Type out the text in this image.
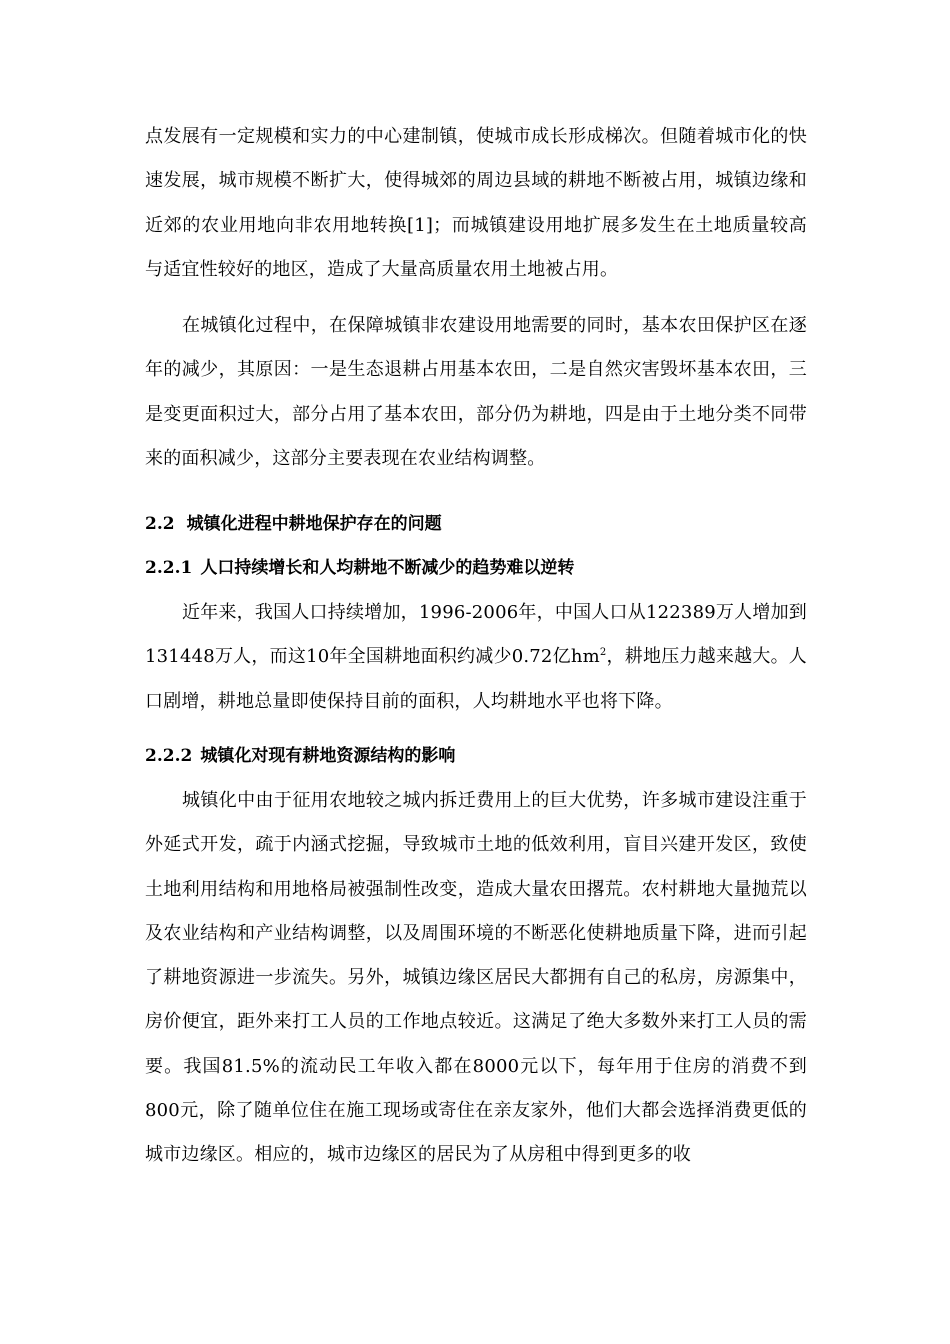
点发展有一定规模和实力的中心建制镇，使城市成长形成梯次。但随着城市化的快速发展，城市规模不断扩大，使得城郊的周边县域的耕地不断被占用，城镇边缘和近郊的农业用地向非农用地转换[1]；而城镇建设用地扩展多发生在土地质量较高与适宜性较好的地区，造成了大量高质量农用土地被占用。

在城镇化过程中，在保障城镇非农建设用地需要的同时，基本农田保护区在逐年的减少，其原因：一是生态退耕占用基本农田，二是自然灾害毁坏基本农田，三是变更面积过大，部分占用了基本农田，部分仍为耕地，四是由于土地分类不同带来的面积减少，这部分主要表现在农业结构调整。

2.2 城镇化进程中耕地保护存在的问题
2.2.1 人口持续增长和人均耕地不断减少的趋势难以逆转

近年来，我国人口持续增加，1996-2006年，中国人口从122389万人增加到131448万人，而这10年全国耕地面积约减少0.72亿$hm^2$，耕地压力越来越大。人口剧增，耕地总量即使保持目前的面积，人均耕地水平也将下降。

2.2.2 城镇化对现有耕地资源结构的影响

城镇化中由于征用农地较之城内拆迁费用上的巨大优势，许多城市建设注重于外延式开发，疏于内涵式挖掘，导致城市土地的低效利用，盲目兴建开发区，致使土地利用结构和用地格局被强制性改变，造成大量农田撂荒。农村耕地大量抛荒以及农业结构和产业结构调整，以及周围环境的不断恶化使耕地质量下降，进而引起了耕地资源进一步流失。另外，城镇边缘区居民大都拥有自己的私房，房源集中，房价便宜，距外来打工人员的工作地点较近。这满足了绝大多数外来打工人员的需要。我国81.5%的流动民工年收入都在8000元以下，每年用于住房的消费不到800元，除了随单位住在施工现场或寄住在亲友家外，他们大都会选择消费更低的城市边缘区。相应的，城市边缘区的居民为了从房租中得到更多的收
